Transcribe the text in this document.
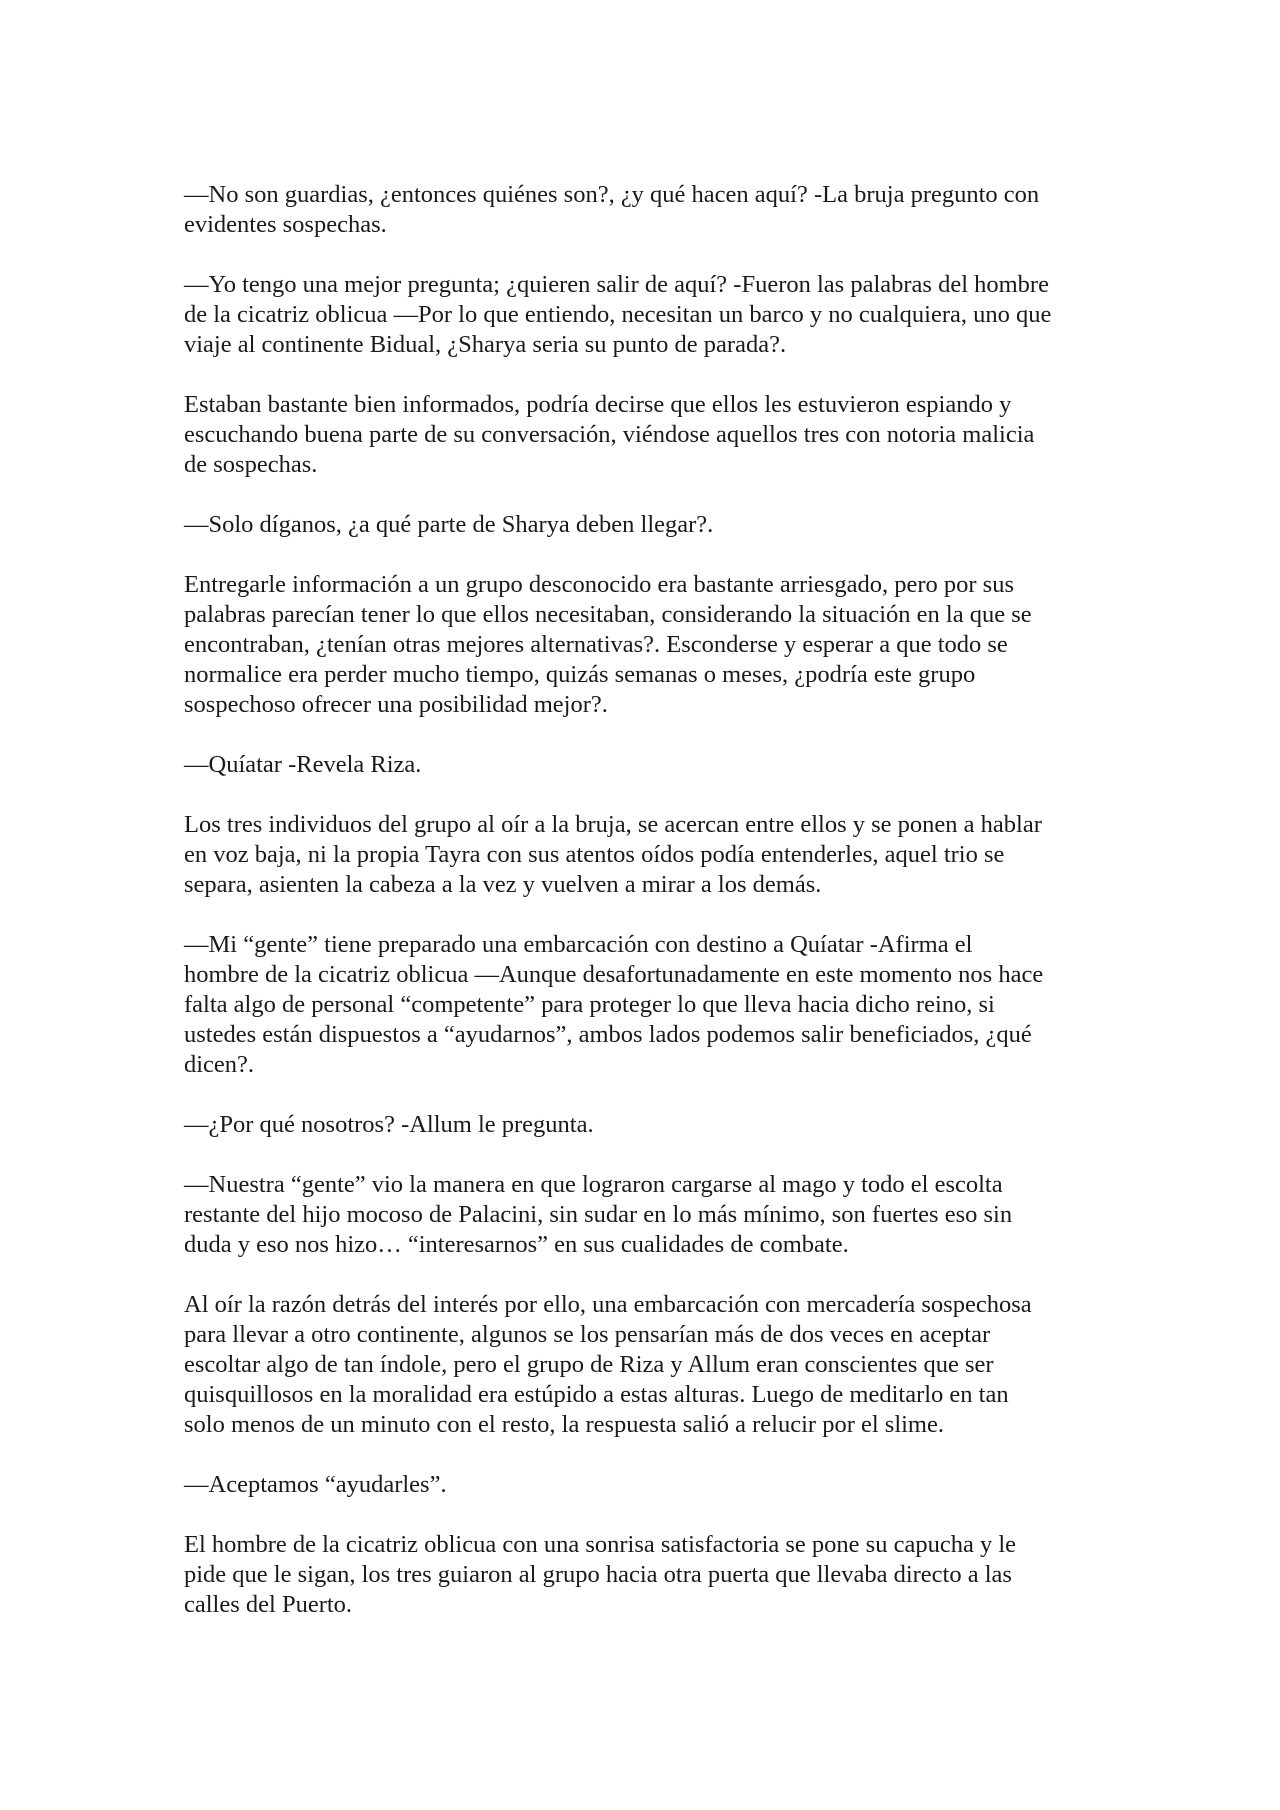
—No son guardias, ¿entonces quiénes son?, ¿y qué hacen aquí? -La bruja pregunto con
evidentes sospechas.

—Yo tengo una mejor pregunta; ¿quieren salir de aquí? -Fueron las palabras del hombre
de la cicatriz oblicua —Por lo que entiendo, necesitan un barco y no cualquiera, uno que
viaje al continente Bidual, ¿Sharya seria su punto de parada?.

Estaban bastante bien informados, podría decirse que ellos les estuvieron espiando y
escuchando buena parte de su conversación, viéndose aquellos tres con notoria malicia
de sospechas.

—Solo díganos, ¿a qué parte de Sharya deben llegar?.

Entregarle información a un grupo desconocido era bastante arriesgado, pero por sus
palabras parecían tener lo que ellos necesitaban, considerando la situación en la que se
encontraban, ¿tenían otras mejores alternativas?. Esconderse y esperar a que todo se
normalice era perder mucho tiempo, quizás semanas o meses, ¿podría este grupo
sospechoso ofrecer una posibilidad mejor?.

—Quíatar -Revela Riza.

Los tres individuos del grupo al oír a la bruja, se acercan entre ellos y se ponen a hablar
en voz baja, ni la propia Tayra con sus atentos oídos podía entenderles, aquel trio se
separa, asienten la cabeza a la vez y vuelven a mirar a los demás.

—Mi “gente” tiene preparado una embarcación con destino a Quíatar -Afirma el
hombre de la cicatriz oblicua —Aunque desafortunadamente en este momento nos hace
falta algo de personal “competente” para proteger lo que lleva hacia dicho reino, si
ustedes están dispuestos a “ayudarnos”, ambos lados podemos salir beneficiados, ¿qué
dicen?.

—¿Por qué nosotros? -Allum le pregunta.

—Nuestra “gente” vio la manera en que lograron cargarse al mago y todo el escolta
restante del hijo mocoso de Palacini, sin sudar en lo más mínimo, son fuertes eso sin
duda y eso nos hizo… “interesarnos” en sus cualidades de combate.

Al oír la razón detrás del interés por ello, una embarcación con mercadería sospechosa
para llevar a otro continente, algunos se los pensarían más de dos veces en aceptar
escoltar algo de tan índole, pero el grupo de Riza y Allum eran conscientes que ser
quisquillosos en la moralidad era estúpido a estas alturas. Luego de meditarlo en tan
solo menos de un minuto con el resto, la respuesta salió a relucir por el slime.

—Aceptamos “ayudarles”.

El hombre de la cicatriz oblicua con una sonrisa satisfactoria se pone su capucha y le
pide que le sigan, los tres guiaron al grupo hacia otra puerta que llevaba directo a las
calles del Puerto.
